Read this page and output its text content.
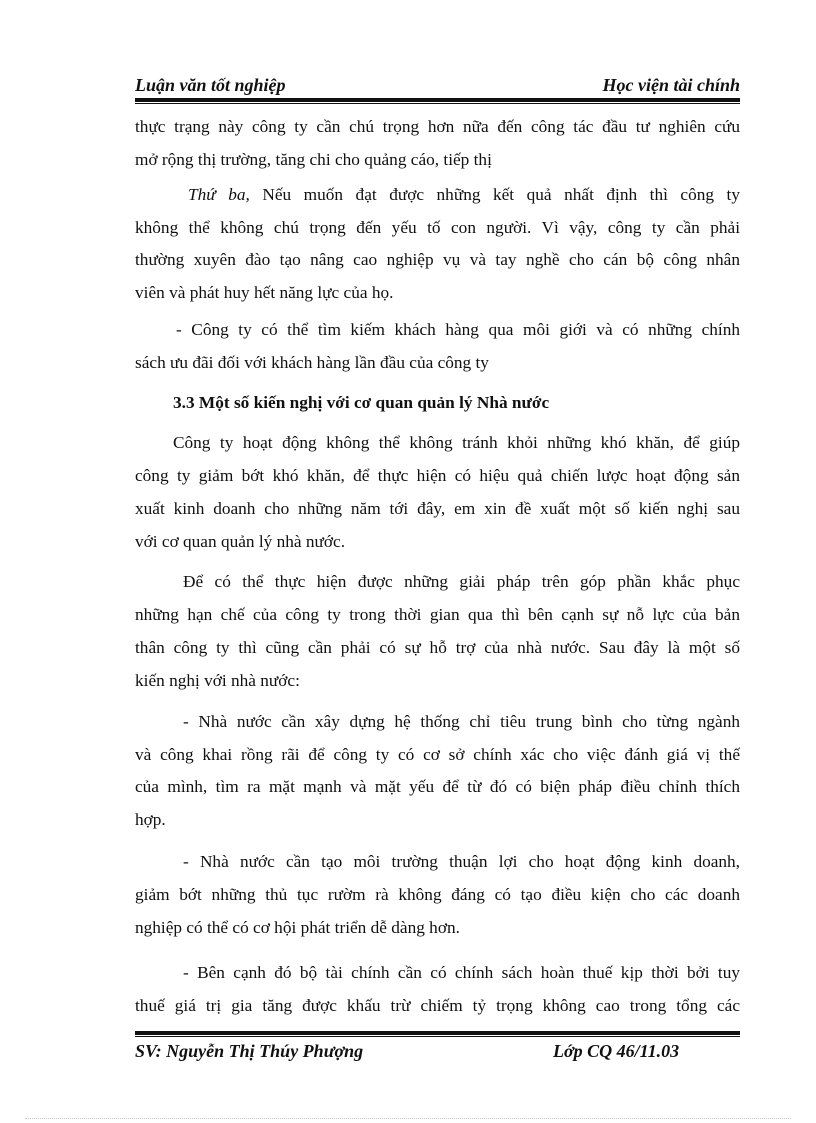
Luận văn tốt nghiệp	Học viện tài chính
thực trạng này công ty cần chú trọng hơn nữa đến công tác đầu tư nghiên cứu
mở rộng thị trường, tăng chi cho quảng cáo, tiếp thị
Thứ ba, Nếu muốn đạt được những kết quả nhất định thì công ty
không thể không chú trọng đến yếu tố con người. Vì vậy, công ty cần phải
thường xuyên đào tạo nâng cao nghiệp vụ và tay nghề cho cán bộ công nhân
viên và phát huy hết năng lực của họ.
- Công ty có thể tìm kiếm khách hàng qua môi giới và có những chính
sách ưu đãi đối với khách hàng lần đầu của công ty
3.3 Một số kiến nghị với cơ quan quản lý Nhà nước
Công ty hoạt động không thể không tránh khỏi những khó khăn, để giúp
công ty giảm bớt khó khăn, để thực hiện có hiệu quả chiến lược hoạt động sản
xuất kinh doanh cho những năm tới đây, em xin đề xuất một số kiến nghị sau
với cơ quan quản lý nhà nước.
Để có thể thực hiện được những giải pháp trên góp phần khắc phục
những hạn chế của công ty trong thời gian qua thì bên cạnh sự nỗ lực của bản
thân công ty thì cũng cần phải có sự hỗ trợ của nhà nước. Sau đây là một số
kiến nghị với nhà nước:
- Nhà nước cần xây dựng hệ thống chỉ tiêu trung bình cho từng ngành
và công khai rồng rãi để công ty có cơ sở chính xác cho việc đánh giá vị thế
của mình, tìm ra mặt mạnh và mặt yếu để từ đó có biện pháp điều chỉnh thích
hợp.
- Nhà nước cần tạo môi trường thuận lợi cho hoạt động kinh doanh,
giảm bớt những thủ tục rườm rà không đáng có tạo điều kiện cho các doanh
nghiệp có thể có cơ hội phát triển dễ dàng hơn.
- Bên cạnh đó bộ tài chính cần có chính sách hoàn thuế kịp thời bởi tuy
thuế giá trị gia tăng được khấu trừ chiếm tỷ trọng không cao trong tổng các
SV: Nguyễn Thị Thúy Phượng	Lớp CQ 46/11.03
